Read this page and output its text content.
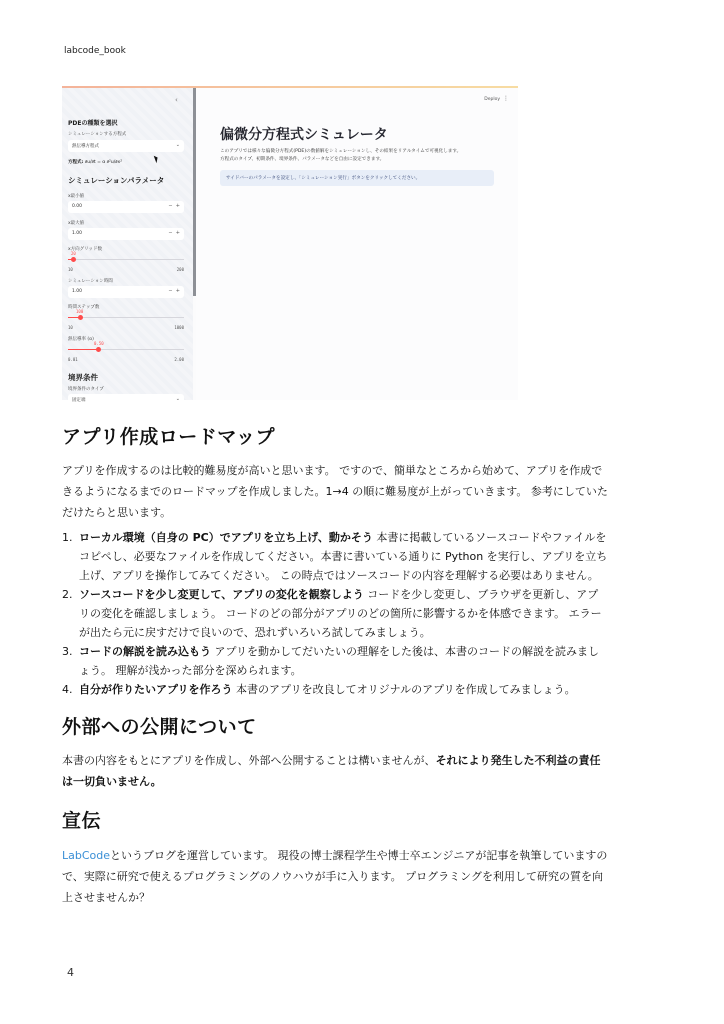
labcode_book
‹
PDEの種類を選択
シミュレーションする方程式
熱伝導方程式	⌄
方程式: ∂u/∂t = α ∂²u/∂x²
シミュレーションパラメータ
x最小値
0.00	− +
x最大値
1.00	− +
x方向グリッド数
20
10	200
シミュレーション時間
1.00	− +
時間ステップ数
100
10	1000
熱伝導率 (α)
0.50
0.01	2.00
境界条件
境界条件のタイプ
固定端	⌄
Deploy ⋮
偏微分方程式シミュレータ
このアプリでは様々な偏微分方程式(PDE)の数値解をシミュレーションし、その結果をリアルタイムで可視化します。
方程式のタイプ、初期条件、境界条件、パラメータなどを自由に設定できます。
サイドバーのパラメータを設定し、「シミュレーション実行」ボタンをクリックしてください。
アプリ作成ロードマップ

アプリを作成するのは比較的難易度が高いと思います。 ですので、簡単なところから始めて、アプリを作成できるようになるまでのロードマップを作成しました。1→4 の順に難易度が上がっていきます。 参考にしていただけたらと思います。

1. ローカル環境（自身の PC）でアプリを立ち上げ、動かそう 本書に掲載しているソースコードやファイルをコピペし、必要なファイルを作成してください。本書に書いている通りに Python を実行し、アプリを立ち上げ、アプリを操作してみてください。 この時点ではソースコードの内容を理解する必要はありません。
2. ソースコードを少し変更して、アプリの変化を観察しよう コードを少し変更し、ブラウザを更新し、アプリの変化を確認しましょう。 コードのどの部分がアプリのどの箇所に影響するかを体感できます。 エラーが出たら元に戻すだけで良いので、恐れずいろいろ試してみましょう。
3. コードの解説を読み込もう アプリを動かしてだいたいの理解をした後は、本書のコードの解説を読みましょう。 理解が浅かった部分を深められます。
4. 自分が作りたいアプリを作ろう 本書のアプリを改良してオリジナルのアプリを作成してみましょう。
外部への公開について

本書の内容をもとにアプリを作成し、外部へ公開することは構いませんが、それにより発生した不利益の責任は一切負いません。

宣伝

LabCodeというブログを運営しています。 現役の博士課程学生や博士卒エンジニアが記事を執筆していますので、実際に研究で使えるプログラミングのノウハウが手に入ります。 プログラミングを利用して研究の質を向上させませんか？

4
